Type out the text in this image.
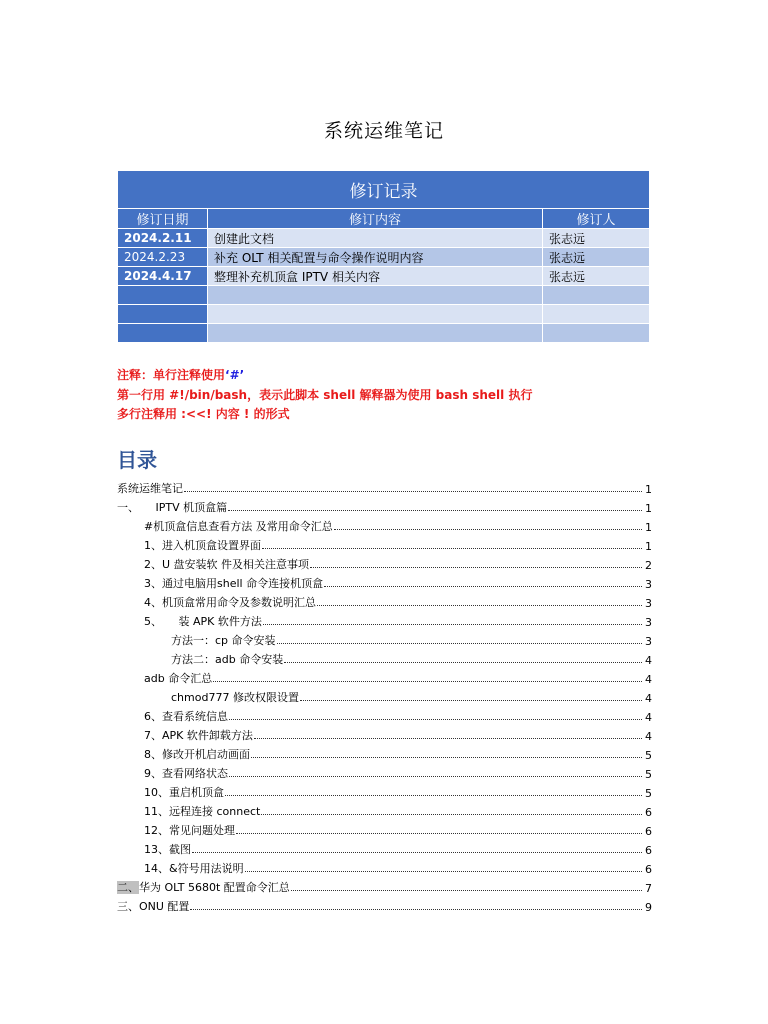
系统运维笔记
修订记录		
修订日期	修订内容	修订人
2024.2.11	创建此文档	张志远
2024.2.23	补充 OLT 相关配置与命令操作说明内容	张志远
2024.4.17	整理补充机顶盒 IPTV 相关内容	张志远

注释：单行注释使用‘#’
第一行用 #!/bin/bash，表示此脚本 shell 解释器为使用 bash shell 执行
多行注释用 :<<! 内容 ! 的形式
目录
系统运维笔记	1
一、　　IPTV 机顶盒篇	1
#机顶盒信息查看方法 及常用命令汇总	1
1、进入机顶盒设置界面	1
2、U 盘安装软 件及相关注意事项	2
3、通过电脑用shell 命令连接机顶盒	3
4、机顶盒常用命令及参数说明汇总	3
5、　　装 APK 软件方法	3
方法一：cp 命令安装	3
方法二：adb 命令安装	4
adb 命令汇总	4
chmod777 修改权限设置	4
6、查看系统信息	4
7、APK 软件卸载方法	4
8、修改开机启动画面	5
9、查看网络状态	5
10、重启机顶盒	5
11、远程连接 connect	6
12、常见问题处理	6
13、截图	6
14、&符号用法说明	6
二、华为 OLT 5680t 配置命令汇总	7
三、ONU 配置	9
